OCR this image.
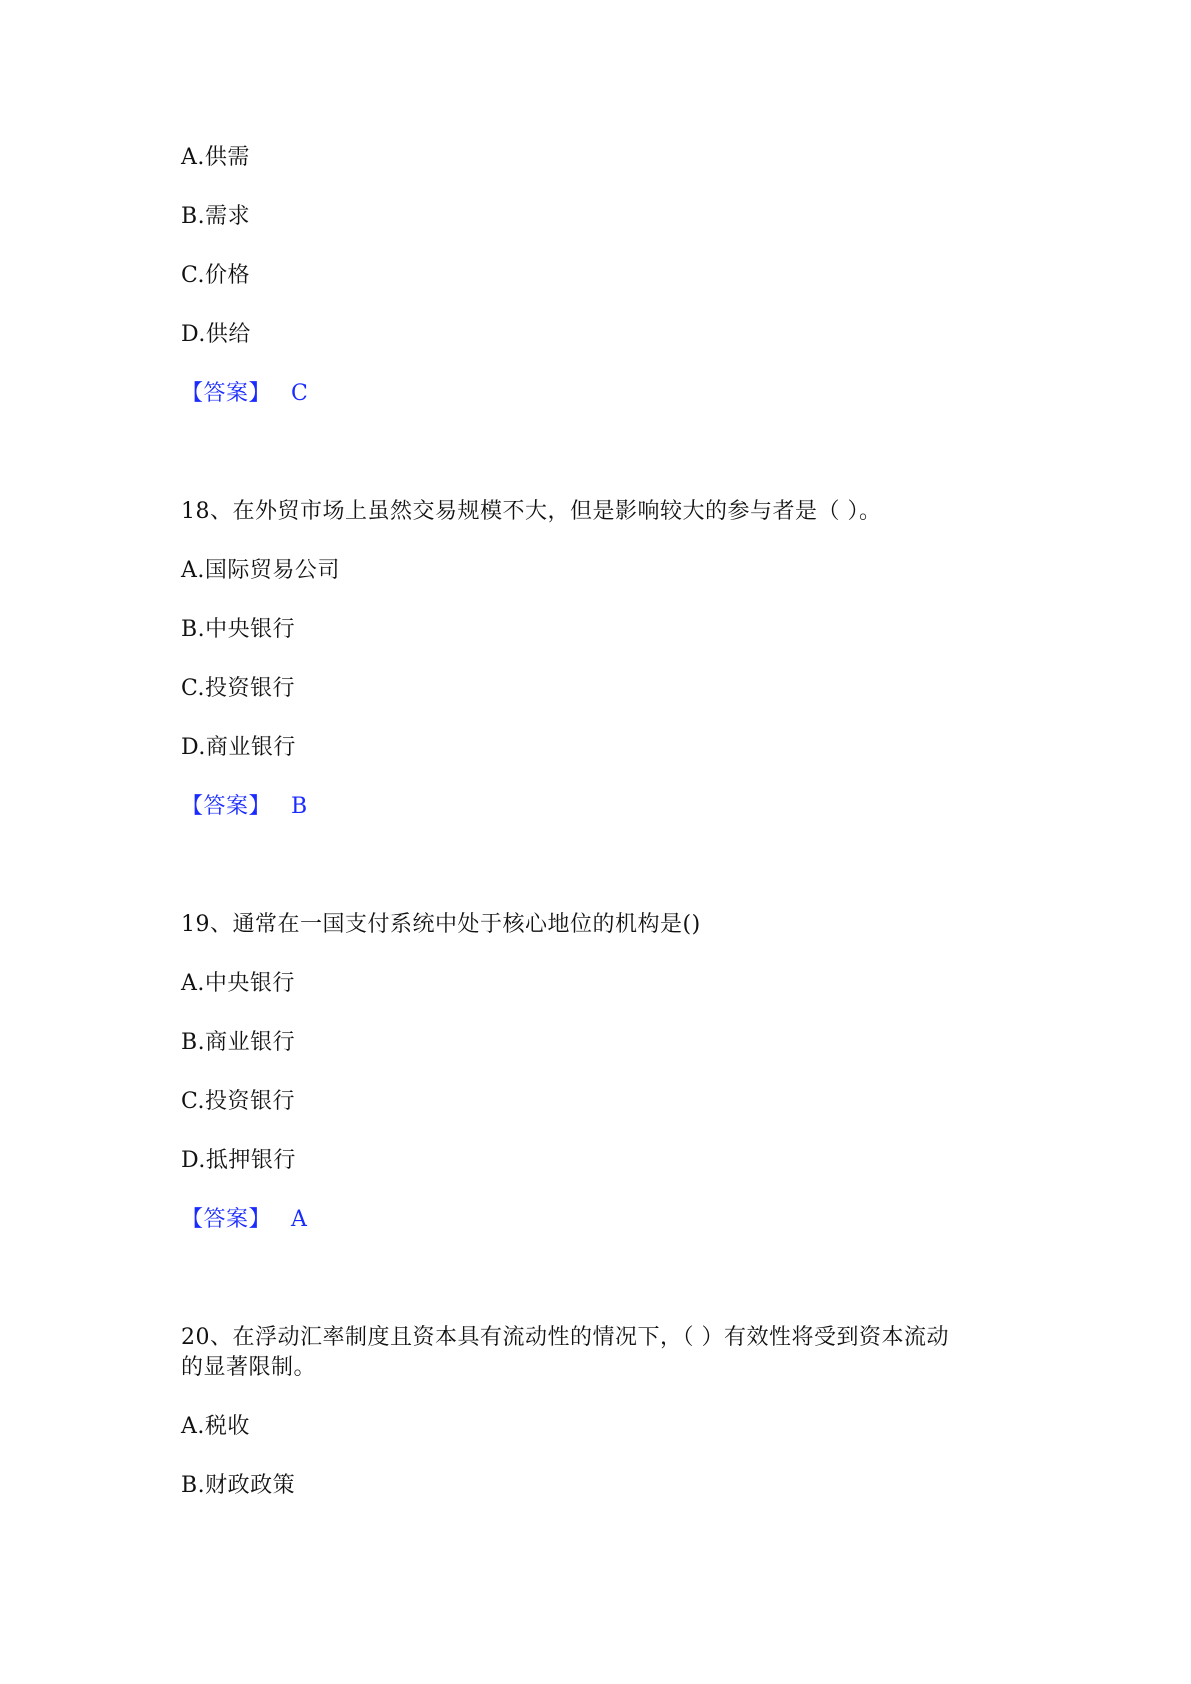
A.供需
B.需求
C.价格
D.供给
【答案】 C
18、在外贸市场上虽然交易规模不大，但是影响较大的参与者是（ ）。
A.国际贸易公司
B.中央银行
C.投资银行
D.商业银行
【答案】 B
19、通常在一国支付系统中处于核心地位的机构是()
A.中央银行
B.商业银行
C.投资银行
D.抵押银行
【答案】 A
20、在浮动汇率制度且资本具有流动性的情况下，（ ）有效性将受到资本流动
的显著限制。
A.税收
B.财政政策
